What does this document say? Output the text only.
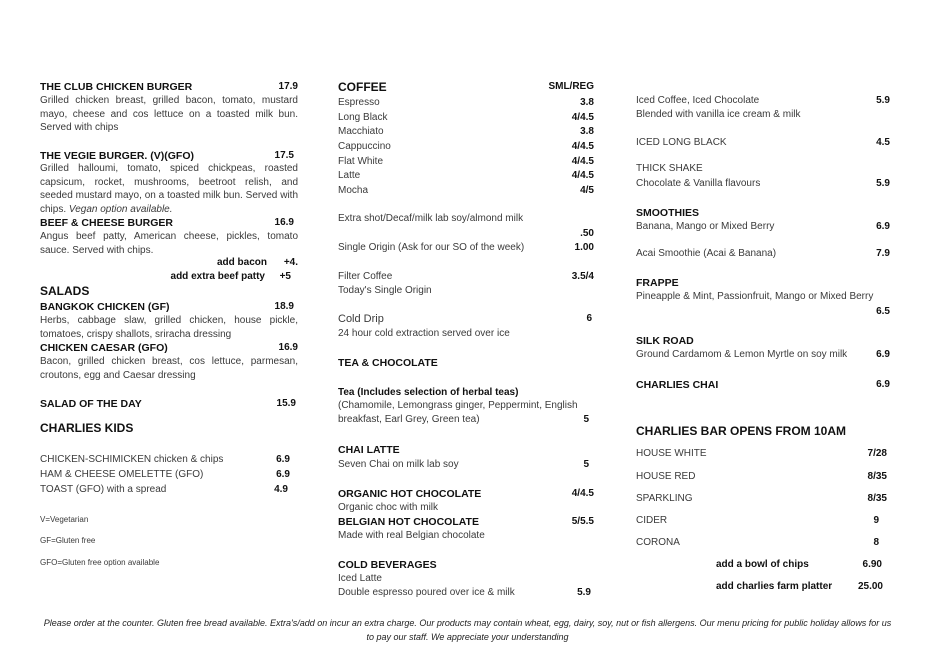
THE CLUB CHICKEN BURGER	17.9
Grilled chicken breast, grilled bacon, tomato, mustard mayo, cheese and cos lettuce on a toasted milk bun. Served with chips
THE VEGIE BURGER. (V)(GFO)	17.5
Grilled halloumi, tomato, spiced chickpeas, roasted capsicum, rocket, mushrooms, beetroot relish, and seeded mustard mayo, on a toasted milk bun. Served with chips. Vegan option available.
BEEF & CHEESE BURGER	16.9
Angus beef patty, American cheese, pickles, tomato sauce. Served with chips.
add bacon +4.
add extra beef patty +5
SALADS
BANGKOK CHICKEN (GF)	18.9
Herbs, cabbage slaw, grilled chicken, house pickle, tomatoes, crispy shallots, sriracha dressing
CHICKEN CAESAR (GFO)	16.9
Bacon, grilled chicken breast, cos lettuce, parmesan, croutons, egg and Caesar dressing
SALAD OF THE DAY	15.9
CHARLIES KIDS
CHICKEN-SCHIMICKEN chicken & chips	6.9
HAM & CHEESE OMELETTE (GFO)	6.9
TOAST (GFO) with a spread	4.9
V=Vegetarian
GF=Gluten free
GFO=Gluten free option available
COFFEE	SML/REG
Espresso	3.8
Long Black	4/4.5
Macchiato	3.8
Cappuccino	4/4.5
Flat White	4/4.5
Latte	4/4.5
Mocha	4/5
Extra shot/Decaf/milk lab soy/almond milk
.50
Single Origin (Ask for our SO of the week)	1.00
Filter Coffee	3.5/4
Today's Single Origin
Cold Drip	6
24 hour cold extraction served over ice
TEA & CHOCOLATE
Tea (Includes selection of herbal teas)
(Chamomile, Lemongrass ginger, Peppermint, English
breakfast, Earl Grey, Green tea)	5
CHAI LATTE
Seven Chai on milk lab soy	5
ORGANIC HOT CHOCOLATE	4/4.5
Organic choc with milk
BELGIAN HOT CHOCOLATE	5/5.5
Made with real Belgian chocolate
COLD BEVERAGES
Iced Latte
Double espresso poured over ice & milk	5.9
Iced Coffee, Iced Chocolate	5.9
Blended with vanilla ice cream & milk
ICED LONG BLACK	4.5
THICK SHAKE
Chocolate & Vanilla flavours	5.9
SMOOTHIES
Banana, Mango or Mixed Berry	6.9
Acai Smoothie (Acai & Banana)	7.9
FRAPPE
Pineapple & Mint, Passionfruit, Mango or Mixed Berry
6.5
SILK ROAD
Ground Cardamom & Lemon Myrtle on soy milk	6.9
CHARLIES CHAI	6.9
CHARLIES BAR OPENS FROM 10AM
HOUSE WHITE	7/28
HOUSE RED	8/35
SPARKLING	8/35
CIDER	9
CORONA	8
add a bowl of chips	6.90
add charlies farm platter	25.00
Please order at the counter. Gluten free bread available. Extra's/add on incur an extra charge. Our products may contain wheat, egg, dairy, soy, nut or fish allergens. Our menu pricing for public holiday allows for us to pay our staff. We appreciate your understanding
